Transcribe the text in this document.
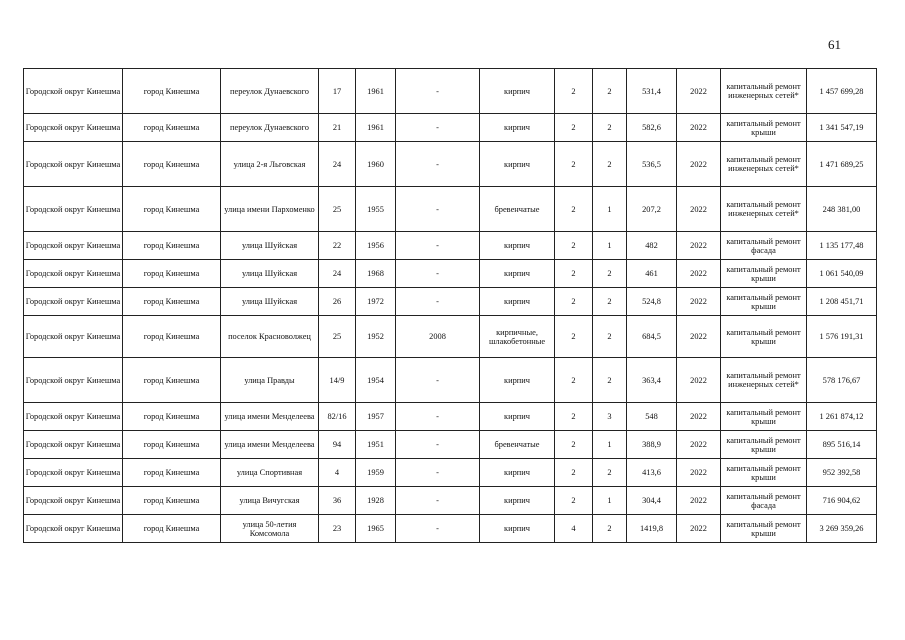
61
Городской округ Кинешма	город Кинешма	переулок Дунаевского	17	1961	-	кирпич	2	2	531,4	2022	капитальный ремонт инженерных сетей*	1 457 699,28
Городской округ Кинешма	город Кинешма	переулок Дунаевского	21	1961	-	кирпич	2	2	582,6	2022	капитальный ремонт крыши	1 341 547,19
Городской округ Кинешма	город Кинешма	улица 2-я Льговская	24	1960	-	кирпич	2	2	536,5	2022	капитальный ремонт инженерных сетей*	1 471 689,25
Городской округ Кинешма	город Кинешма	улица имени Пархоменко	25	1955	-	бревенчатые	2	1	207,2	2022	капитальный ремонт инженерных сетей*	248 381,00
Городской округ Кинешма	город Кинешма	улица Шуйская	22	1956	-	кирпич	2	1	482	2022	капитальный ремонт фасада	1 135 177,48
Городской округ Кинешма	город Кинешма	улица Шуйская	24	1968	-	кирпич	2	2	461	2022	капитальный ремонт крыши	1 061 540,09
Городской округ Кинешма	город Кинешма	улица Шуйская	26	1972	-	кирпич	2	2	524,8	2022	капитальный ремонт крыши	1 208 451,71
Городской округ Кинешма	город Кинешма	поселок Красноволжец	25	1952	2008	кирпичные, шлакобетонные	2	2	684,5	2022	капитальный ремонт крыши	1 576 191,31
Городской округ Кинешма	город Кинешма	улица Правды	14/9	1954	-	кирпич	2	2	363,4	2022	капитальный ремонт инженерных сетей*	578 176,67
Городской округ Кинешма	город Кинешма	улица имени Менделеева	82/16	1957	-	кирпич	2	3	548	2022	капитальный ремонт крыши	1 261 874,12
Городской округ Кинешма	город Кинешма	улица имени Менделеева	94	1951	-	бревенчатые	2	1	388,9	2022	капитальный ремонт крыши	895 516,14
Городской округ Кинешма	город Кинешма	улица Спортивная	4	1959	-	кирпич	2	2	413,6	2022	капитальный ремонт крыши	952 392,58
Городской округ Кинешма	город Кинешма	улица Вичугская	36	1928	-	кирпич	2	1	304,4	2022	капитальный ремонт фасада	716 904,62
Городской округ Кинешма	город Кинешма	улица 50-летия Комсомола	23	1965	-	кирпич	4	2	1419,8	2022	капитальный ремонт крыши	3 269 359,26
